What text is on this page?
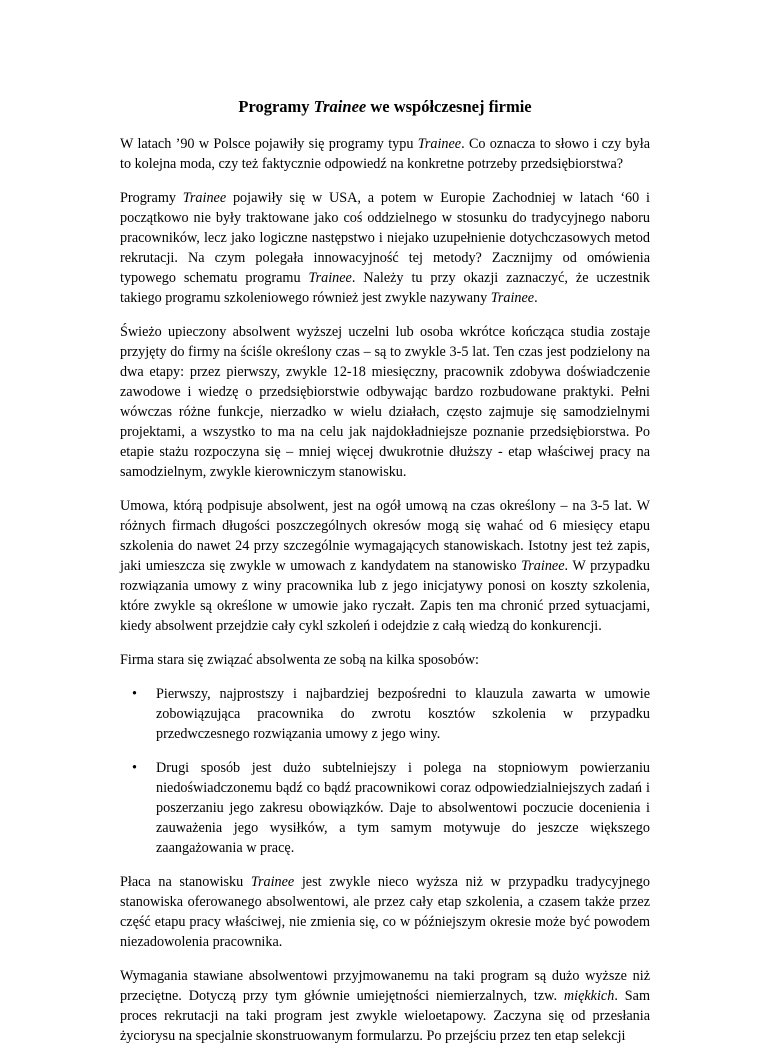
Programy Trainee we współczesnej firmie

W latach ’90 w Polsce pojawiły się programy typu Trainee. Co oznacza to słowo i czy była to kolejna moda, czy też faktycznie odpowiedź na konkretne potrzeby przedsiębiorstwa?

Programy Trainee pojawiły się w USA, a potem w Europie Zachodniej w latach ‘60 i początkowo nie były traktowane jako coś oddzielnego w stosunku do tradycyjnego naboru pracowników, lecz jako logiczne następstwo i niejako uzupełnienie dotychczasowych metod rekrutacji. Na czym polegała innowacyjność tej metody? Zacznijmy od omówienia typowego schematu programu Trainee. Należy tu przy okazji zaznaczyć, że uczestnik takiego programu szkoleniowego również jest zwykle nazywany Trainee.

Świeżo upieczony absolwent wyższej uczelni lub osoba wkrótce kończąca studia zostaje przyjęty do firmy na ściśle określony czas – są to zwykle 3-5 lat. Ten czas jest podzielony na dwa etapy: przez pierwszy, zwykle 12-18 miesięczny, pracownik zdobywa doświadczenie zawodowe i wiedzę o przedsiębiorstwie odbywając bardzo rozbudowane praktyki. Pełni wówczas różne funkcje, nierzadko w wielu działach, często zajmuje się samodzielnymi projektami, a wszystko to ma na celu jak najdokładniejsze poznanie przedsiębiorstwa. Po etapie stażu rozpoczyna się – mniej więcej dwukrotnie dłuższy - etap właściwej pracy na samodzielnym, zwykle kierowniczym stanowisku.

Umowa, którą podpisuje absolwent, jest na ogół umową na czas określony – na 3-5 lat. W różnych firmach długości poszczególnych okresów mogą się wahać od 6 miesięcy etapu szkolenia do nawet 24 przy szczególnie wymagających stanowiskach. Istotny jest też zapis, jaki umieszcza się zwykle w umowach z kandydatem na stanowisko Trainee. W przypadku rozwiązania umowy z winy pracownika lub z jego inicjatywy ponosi on koszty szkolenia, które zwykle są określone w umowie jako ryczałt. Zapis ten ma chronić przed sytuacjami, kiedy absolwent przejdzie cały cykl szkoleń i odejdzie z całą wiedzą do konkurencji.

Firma stara się związać absolwenta ze sobą na kilka sposobów:

• Pierwszy, najprostszy i najbardziej bezpośredni to klauzula zawarta w umowie zobowiązująca pracownika do zwrotu kosztów szkolenia w przypadku przedwczesnego rozwiązania umowy z jego winy.
• Drugi sposób jest dużo subtelniejszy i polega na stopniowym powierzaniu niedoświadczonemu bądź co bądź pracownikowi coraz odpowiedzialniejszych zadań i poszerzaniu jego zakresu obowiązków. Daje to absolwentowi poczucie docenienia i zauważenia jego wysiłków, a tym samym motywuje do jeszcze większego zaangażowania w pracę.

Płaca na stanowisku Trainee jest zwykle nieco wyższa niż w przypadku tradycyjnego stanowiska oferowanego absolwentowi, ale przez cały etap szkolenia, a czasem także przez część etapu pracy właściwej, nie zmienia się, co w późniejszym okresie może być powodem niezadowolenia pracownika.

Wymagania stawiane absolwentowi przyjmowanemu na taki program są dużo wyższe niż przeciętne. Dotyczą przy tym głównie umiejętności niemierzalnych, tzw. miękkich. Sam proces rekrutacji na taki program jest zwykle wieloetapowy. Zaczyna się od przesłania życiorysu na specjalnie skonstruowanym formularzu. Po przejściu przez ten etap selekcji
